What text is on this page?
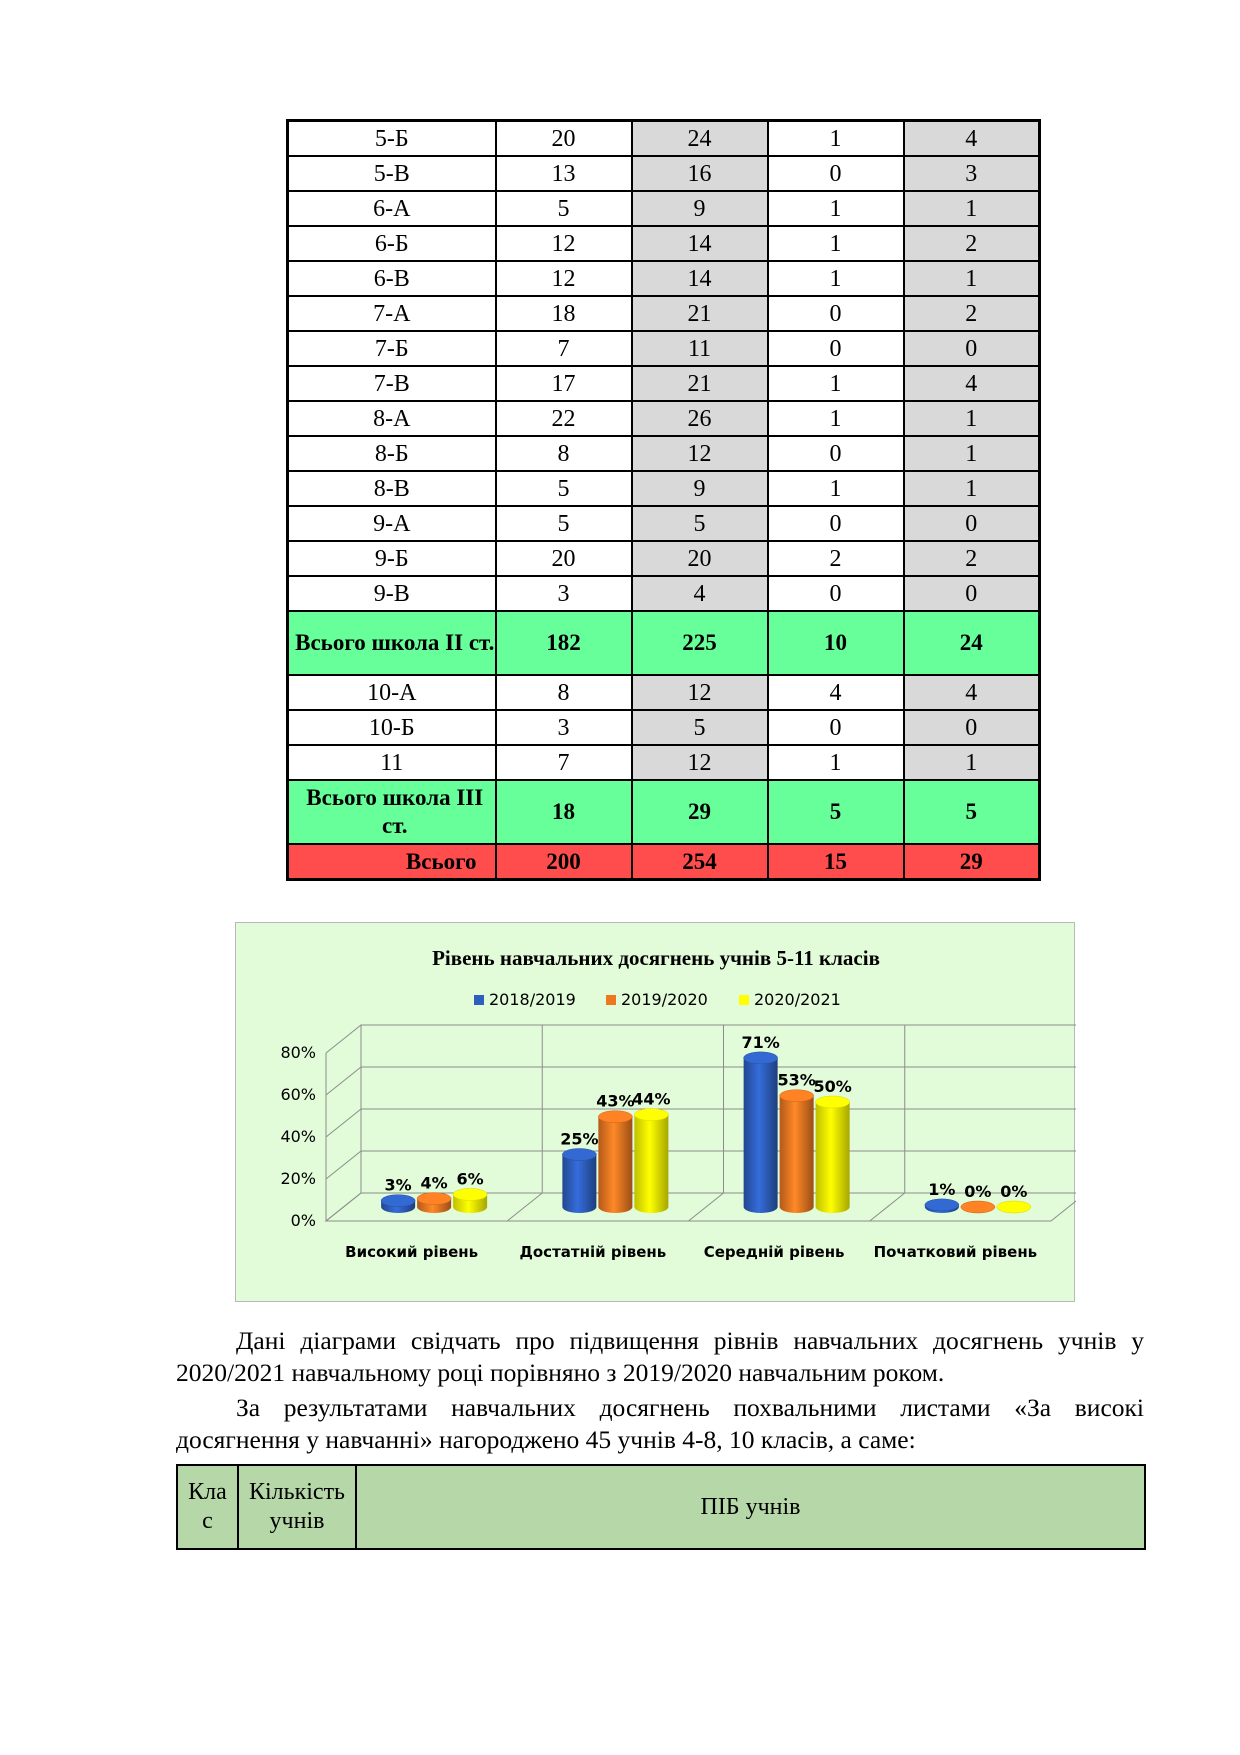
5-Б	20	24	1	4
5-В	13	16	0	3
6-А	5	9	1	1
6-Б	12	14	1	2
6-В	12	14	1	1
7-А	18	21	0	2
7-Б	7	11	0	0
7-В	17	21	1	4
8-А	22	26	1	1
8-Б	8	12	0	1
8-В	5	9	1	1
9-А	5	5	0	0
9-Б	20	20	2	2
9-В	3	4	0	0
Всього школа II ст.	182	225	10	24
10-А	8	12	4	4
10-Б	3	5	0	0
11	7	12	1	1
Всього школа III ст.	18	29	5	5
Всього	200	254	15	29
Рівень навчальних досягнень учнів 5-11 класів
2018/2019	2019/2020	2020/2021
0%
20%
40%
60%
80%
Високий рівень	Достатній рівень Середній рівень Початковий рівень
3% 4% 6%
25%
43%
44%
71%
53%
50%
1% 0% 0%

Дані діаграми свідчать про підвищення рівнів навчальних досягнень учнів у 2020/2021 навчальному році порівняно з 2019/2020 навчальним роком.

За результатами навчальних досягнень похвальними листами «За високі досягнення у навчанні» нагороджено 45 учнів 4-8, 10 класів, а саме:

Кла с	Кількість учнів	ПІБ учнів
